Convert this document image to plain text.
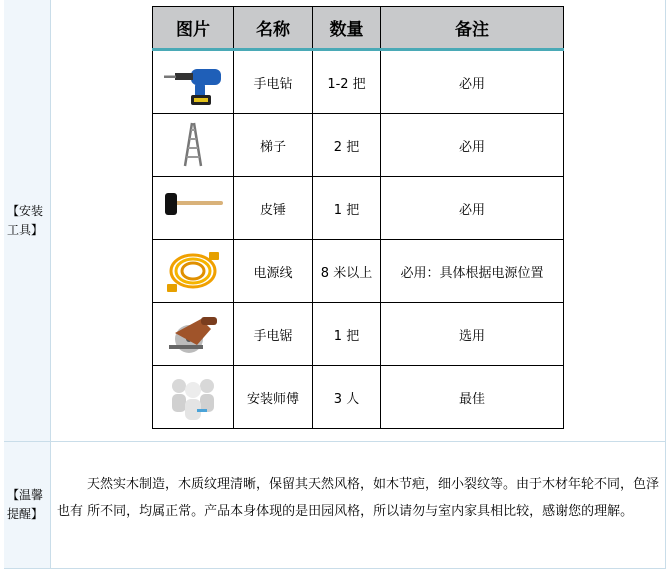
【安装工具】
图片	名称	数量	备注

	手电钻	1-2 把	必用

	梯子	2 把	必用

	皮锤	1 把	必用

	电源线	8 米以上	必用：具体根据电源位置

	手电锯	1 把	选用

	安装师傅	3 人	最佳
【温馨提醒】

天然实木制造，木质纹理清晰，保留其天然风格，如木节疤，细小裂纹等。由于木材年轮不同，色泽也有 所不同，均属正常。产品本身体现的是田园风格，所以请勿与室内家具相比较，感谢您的理解。
